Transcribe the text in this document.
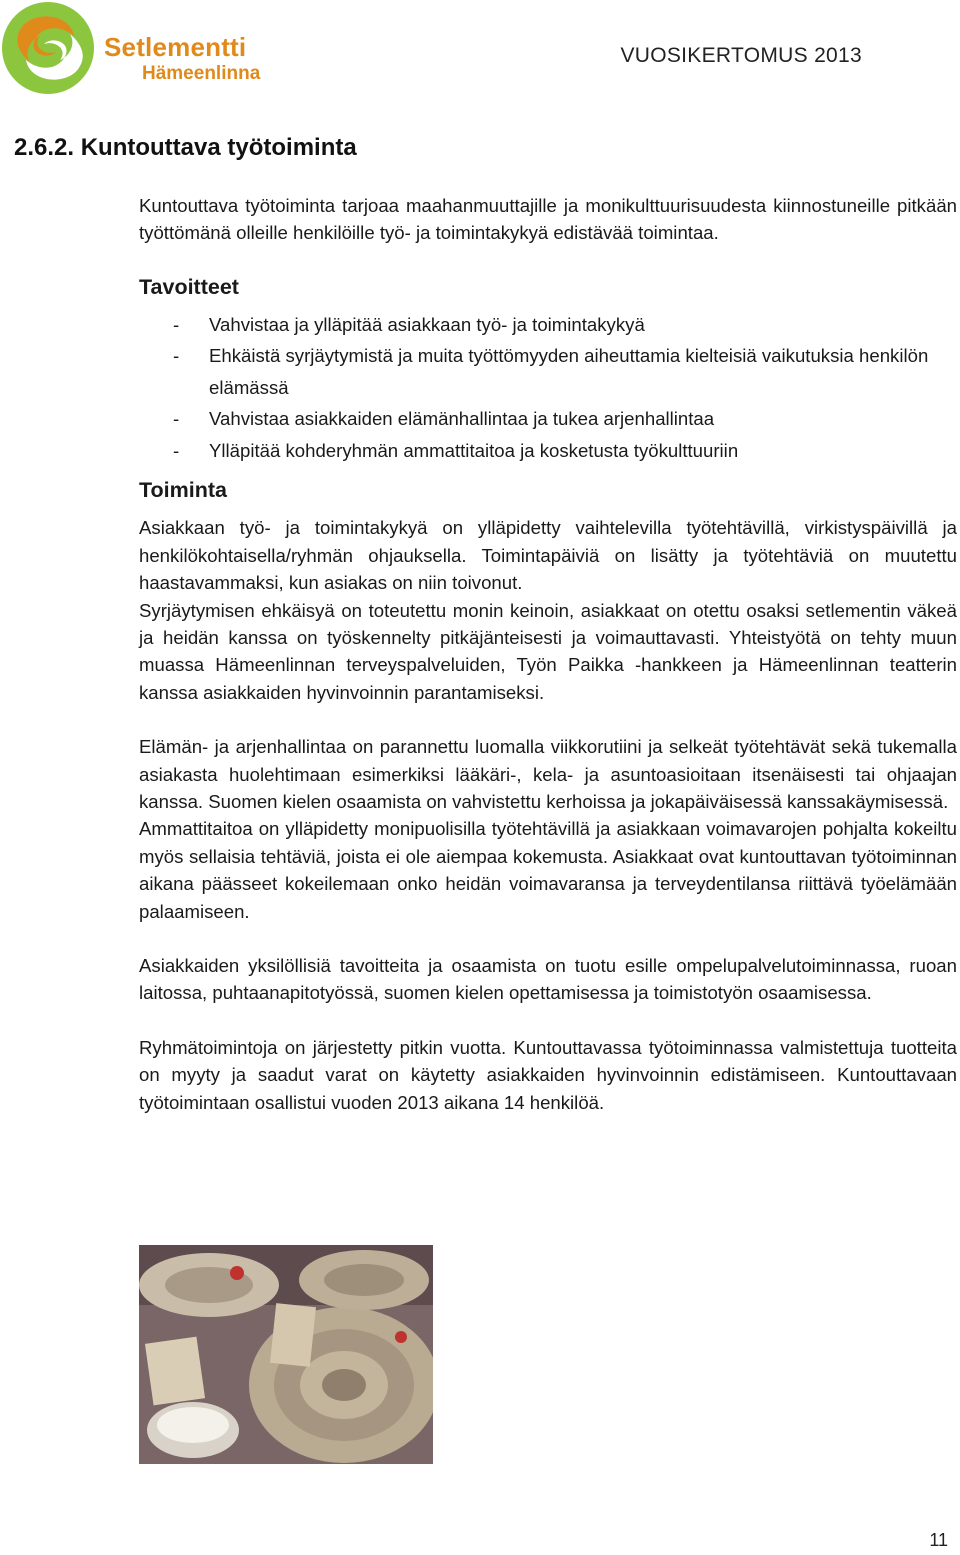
Setlementti
Hämeenlinna
VUOSIKERTOMUS 2013
2.6.2. Kuntouttava työtoiminta

Kuntouttava työtoiminta tarjoaa maahanmuuttajille ja monikulttuurisuudesta kiinnostuneille pitkään työttömänä olleille henkilöille työ- ja toimintakykyä edistävää toimintaa.

Tavoitteet
- Vahvistaa ja ylläpitää asiakkaan työ- ja toimintakykyä
- Ehkäistä syrjäytymistä ja muita työttömyyden aiheuttamia kielteisiä vaikutuksia henkilön elämässä
- Vahvistaa asiakkaiden elämänhallintaa ja tukea arjenhallintaa
- Ylläpitää kohderyhmän ammattitaitoa ja kosketusta työkulttuuriin
Toiminta

Asiakkaan työ- ja toimintakykyä on ylläpidetty vaihtelevilla työtehtävillä, virkistyspäivillä ja henkilökohtaisella/ryhmän ohjauksella. Toimintapäiviä on lisätty ja työtehtäviä on muutettu haastavammaksi, kun asiakas on niin toivonut.

Syrjäytymisen ehkäisyä on toteutettu monin keinoin, asiakkaat on otettu osaksi setlementin väkeä ja heidän kanssa on työskennelty pitkäjänteisesti ja voimauttavasti. Yhteistyötä on tehty muun muassa Hämeenlinnan terveyspalveluiden, Työn Paikka -hankkeen ja Hämeenlinnan teatterin kanssa asiakkaiden hyvinvoinnin parantamiseksi.

Elämän- ja arjenhallintaa on parannettu luomalla viikkorutiini ja selkeät työtehtävät sekä tukemalla asiakasta huolehtimaan esimerkiksi lääkäri-, kela- ja asuntoasioitaan itsenäisesti tai ohjaajan kanssa. Suomen kielen osaamista on vahvistettu kerhoissa ja jokapäiväisessä kanssakäymisessä.

Ammattitaitoa on ylläpidetty monipuolisilla työtehtävillä ja asiakkaan voimavarojen pohjalta kokeiltu myös sellaisia tehtäviä, joista ei ole aiempaa kokemusta. Asiakkaat ovat kuntouttavan työtoiminnan aikana päässeet kokeilemaan onko heidän voimavaransa ja terveydentilansa riittävä työelämään palaamiseen.

Asiakkaiden yksilöllisiä tavoitteita ja osaamista on tuotu esille ompelupalvelutoiminnassa, ruoan laitossa, puhtaanapitotyössä, suomen kielen opettamisessa ja toimistotyön osaamisessa.

Ryhmätoimintoja on järjestetty pitkin vuotta. Kuntouttavassa työtoiminnassa valmistettuja tuotteita on myyty ja saadut varat on käytetty asiakkaiden hyvinvoinnin edistämiseen. Kuntouttavaan työtoimintaan osallistui vuoden 2013 aikana 14 henkilöä.

11
